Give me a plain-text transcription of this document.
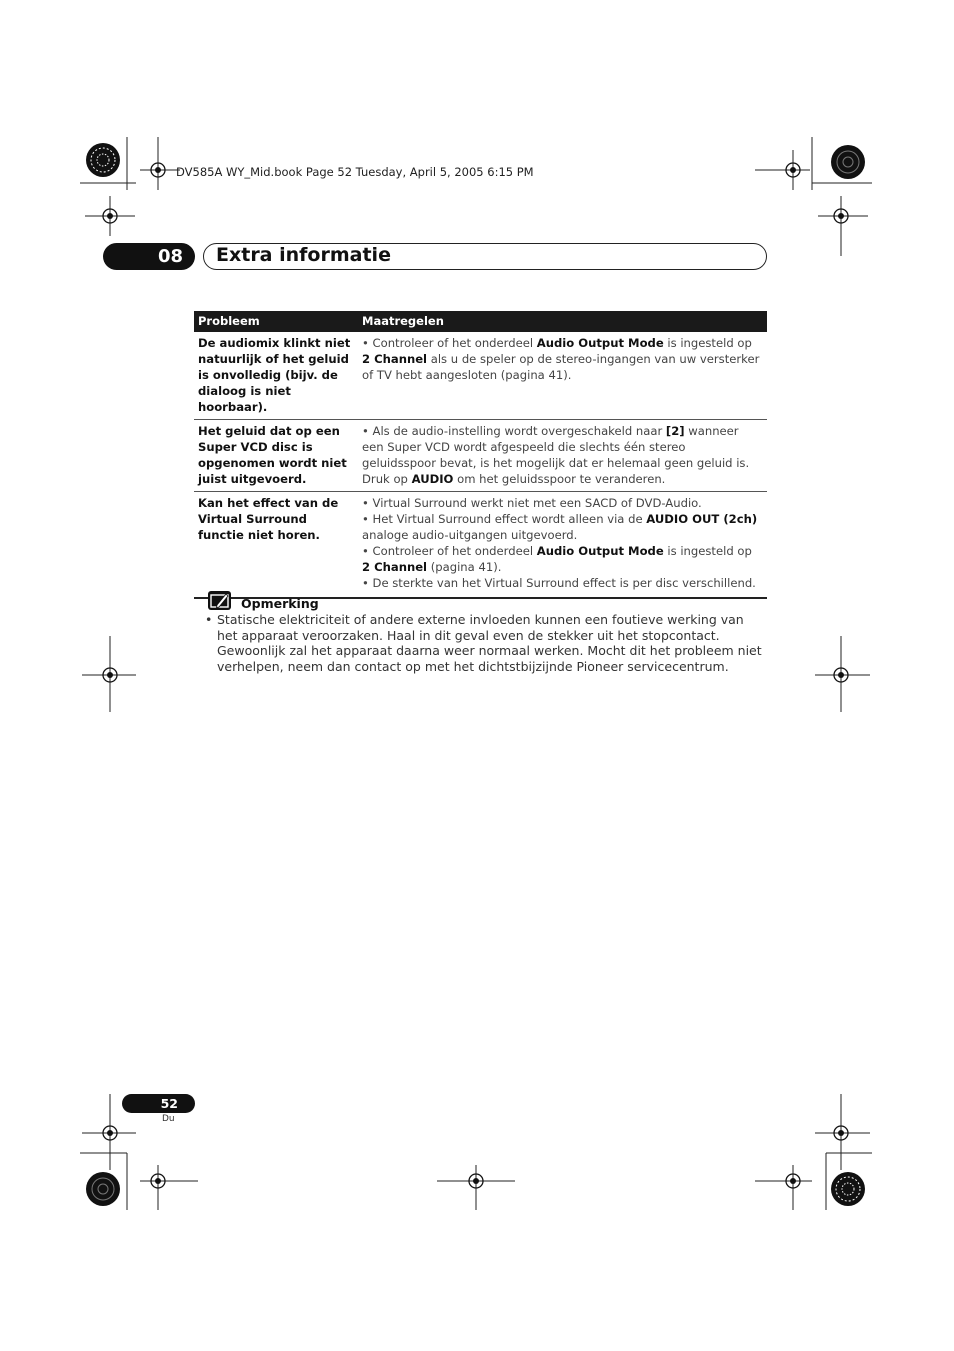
DV585A WY_Mid.book Page 52 Tuesday, April 5, 2005 6:15 PM
08	Extra informatie
Probleem	Maatregelen
De audiomix klinkt niet natuurlijk of het geluid is onvolledig (bijv. de dialoog is niet hoorbaar).	• Controleer of het onderdeel Audio Output Mode is ingesteld op 2 Channel als u de speler op de stereo-ingangen van uw versterker of TV hebt aangesloten (pagina 41).

Het geluid dat op een Super VCD disc is opgenomen wordt niet juist uitgevoerd.	• Als de audio-instelling wordt overgeschakeld naar [2] wanneer een Super VCD wordt afgespeeld die slechts één stereo geluidsspoor bevat, is het mogelijk dat er helemaal geen geluid is. Druk op AUDIO om het geluidsspoor te veranderen.

Kan het effect van de Virtual Surround functie niet horen.	• Virtual Surround werkt niet met een SACD of DVD-Audio.
• Het Virtual Surround effect wordt alleen via de AUDIO OUT (2ch) analoge audio-uitgangen uitgevoerd.
• Controleer of het onderdeel Audio Output Mode is ingesteld op 2 Channel (pagina 41).
• De sterkte van het Virtual Surround effect is per disc verschillend.
Opmerking
• Statische elektriciteit of andere externe invloeden kunnen een foutieve werking van het apparaat veroorzaken. Haal in dit geval even de stekker uit het stopcontact. Gewoonlijk zal het apparaat daarna weer normaal werken. Mocht dit het probleem niet verhelpen, neem dan contact op met het dichtstbijzijnde Pioneer servicecentrum.
52
Du
